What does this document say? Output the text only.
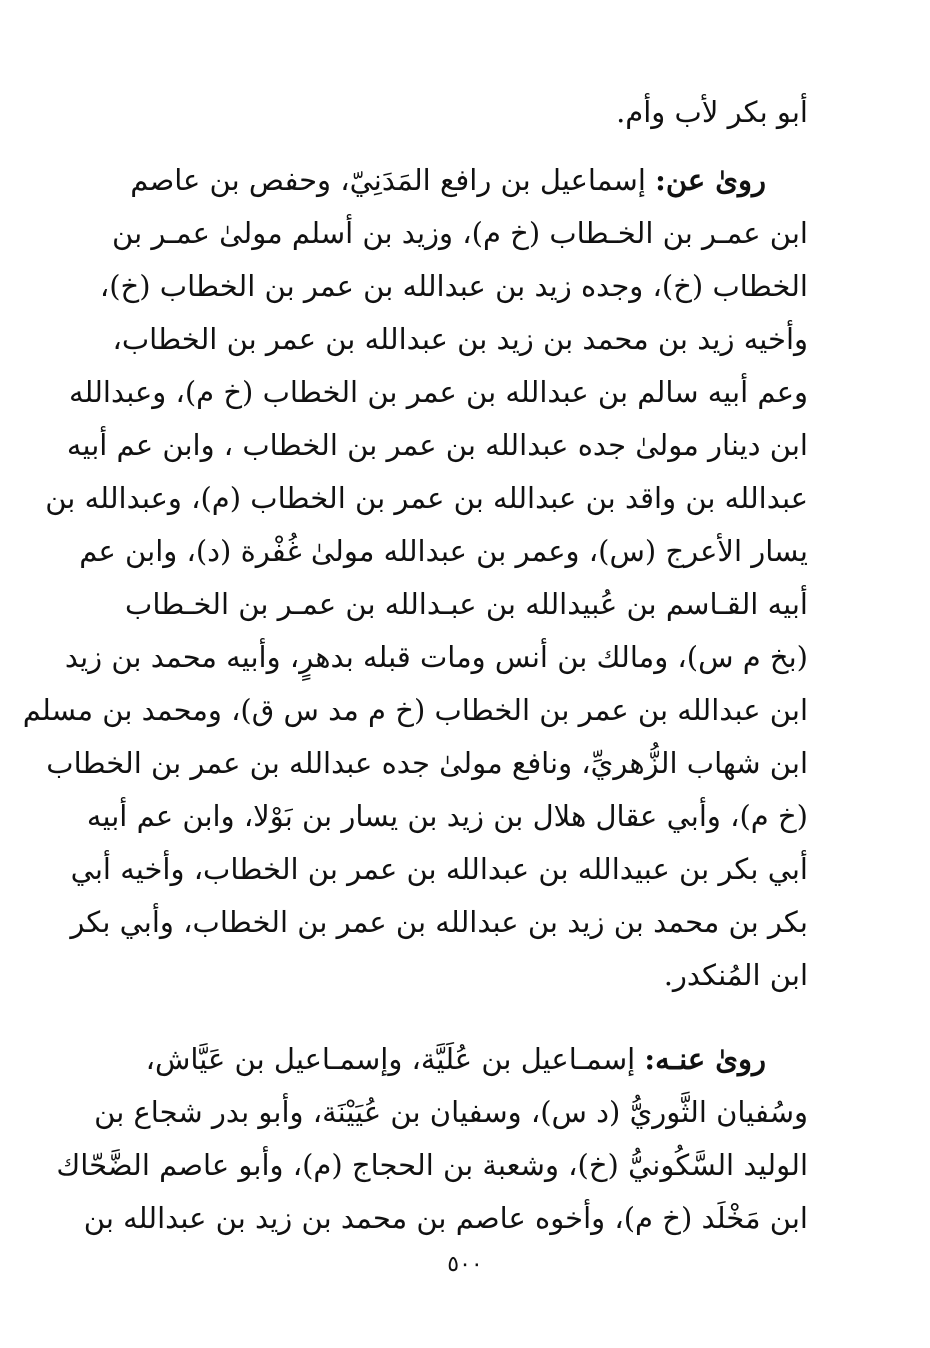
أبو بكر لأب وأم.
روىٰ عن: إسماعيل بن رافع المَدَنِيّ، وحفص بن عاصم
ابن عمـر بن الخـطاب (خ م)، وزيد بن أسلم مولىٰ عمـر بن
الخطاب (خ)، وجده زيد بن عبدالله بن عمر بن الخطاب (خ)،
وأخيه زيد بن محمد بن زيد بن عبدالله بن عمر بن الخطاب،
وعم أبيه سالم بن عبدالله بن عمر بن الخطاب (خ م)، وعبدالله
ابن دينار مولىٰ جده عبدالله بن عمر بن الخطاب ، وابن عم أبيه
عبدالله بن واقد بن عبدالله بن عمر بن الخطاب (م)، وعبدالله بن
يسار الأعرج (س)، وعمر بن عبدالله مولىٰ غُفْرة (د)، وابن عم
أبيه القـاسم بن عُبيدالله بن عبـدالله بن عمـر بن الخـطاب
(بخ م س)، ومالك بن أنس ومات قبله بدهرٍ، وأبيه محمد بن زيد
ابن عبدالله بن عمر بن الخطاب (خ م مد س ق)، ومحمد بن مسلم
ابن شهاب الزُّهريِّ، ونافع مولىٰ جده عبدالله بن عمر بن الخطاب
(خ م)، وأبي عقال هلال بن زيد بن يسار بن بَوْلا، وابن عم أبيه
أبي بكر بن عبيدالله بن عبدالله بن عمر بن الخطاب، وأخيه أبي
بكر بن محمد بن زيد بن عبدالله بن عمر بن الخطاب، وأبي بكر
ابن المُنكدر.
روىٰ عنـه: إسمـاعيل بن عُلَيَّة، وإسمـاعيل بن عَيَّاش،
وسُفيان الثَّوريُّ (د س)، وسفيان بن عُيَيْنَة، وأبو بدر شجاع بن
الوليد السَّكُونيُّ (خ)، وشعبة بن الحجاج (م)، وأبو عاصم الضَّحّاك
ابن مَخْلَد (خ م)، وأخوه عاصم بن محمد بن زيد بن عبدالله بن
٥٠٠
